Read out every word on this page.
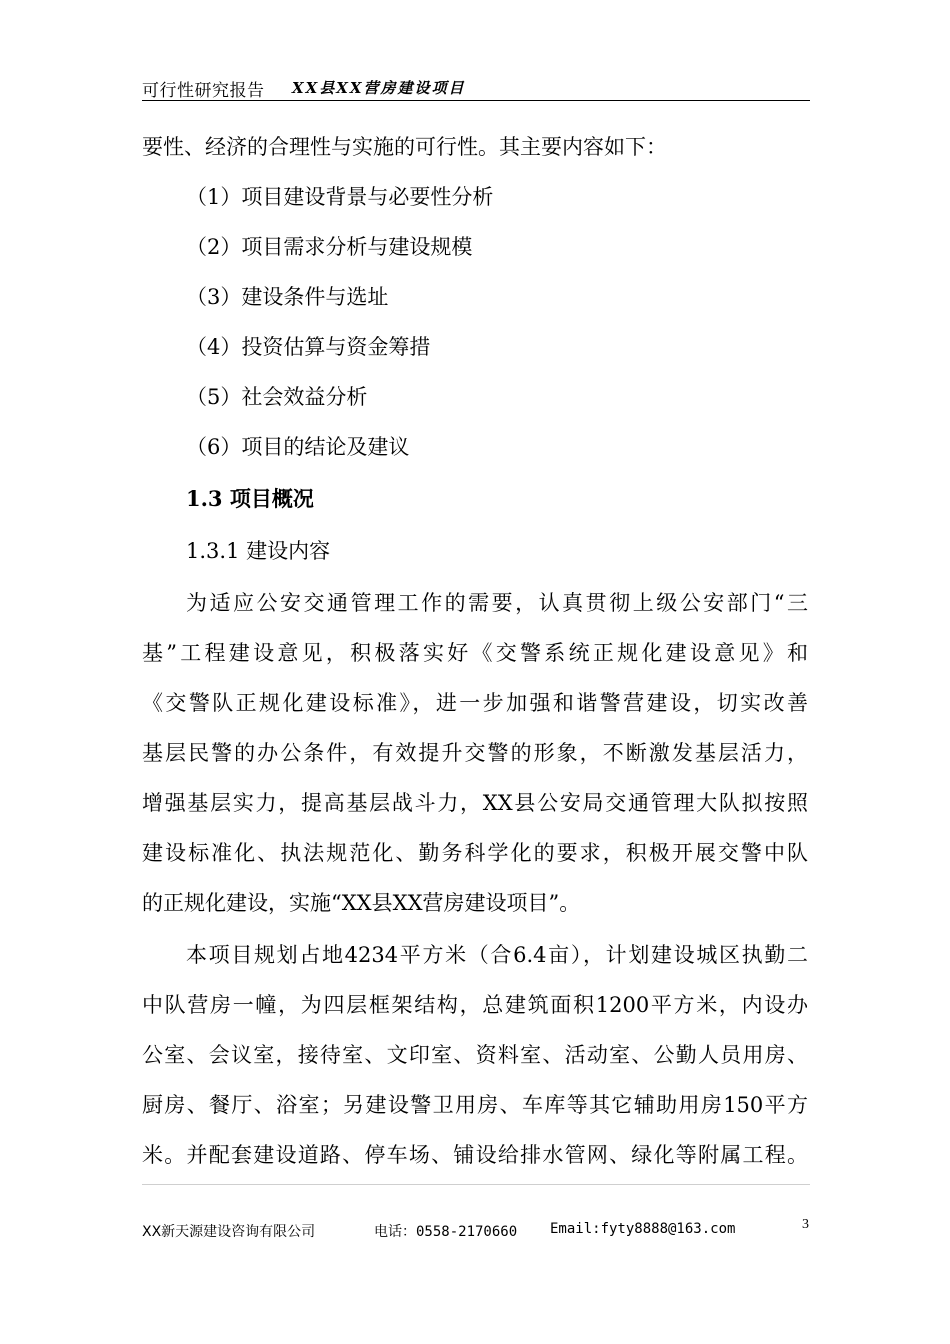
可行性研究报告 XX县XX营房建设项目
要性、经济的合理性与实施的可行性。其主要内容如下：
（1）项目建设背景与必要性分析
（2）项目需求分析与建设规模
（3）建设条件与选址
（4）投资估算与资金筹措
（5）社会效益分析
（6）项目的结论及建议
1.3 项目概况
1.3.1 建设内容
为适应公安交通管理工作的需要，认真贯彻上级公安部门“三
基”工程建设意见，积极落实好《交警系统正规化建设意见》和
《交警队正规化建设标准》，进一步加强和谐警营建设，切实改善
基层民警的办公条件，有效提升交警的形象，不断激发基层活力，
增强基层实力，提高基层战斗力，XX县公安局交通管理大队拟按照
建设标准化、执法规范化、勤务科学化的要求，积极开展交警中队
的正规化建设，实施“XX县XX营房建设项目”。
本项目规划占地4234平方米（合6.4亩），计划建设城区执勤二
中队营房一幢，为四层框架结构，总建筑面积1200平方米，内设办
公室、会议室，接待室、文印室、资料室、活动室、公勤人员用房、
厨房、餐厅、浴室；另建设警卫用房、车库等其它辅助用房150平方
米。并配套建设道路、停车场、铺设给排水管网、绿化等附属工程。
XX新天源建设咨询有限公司	电话：0558-2170660 Email:fyty8888@163.com	3
